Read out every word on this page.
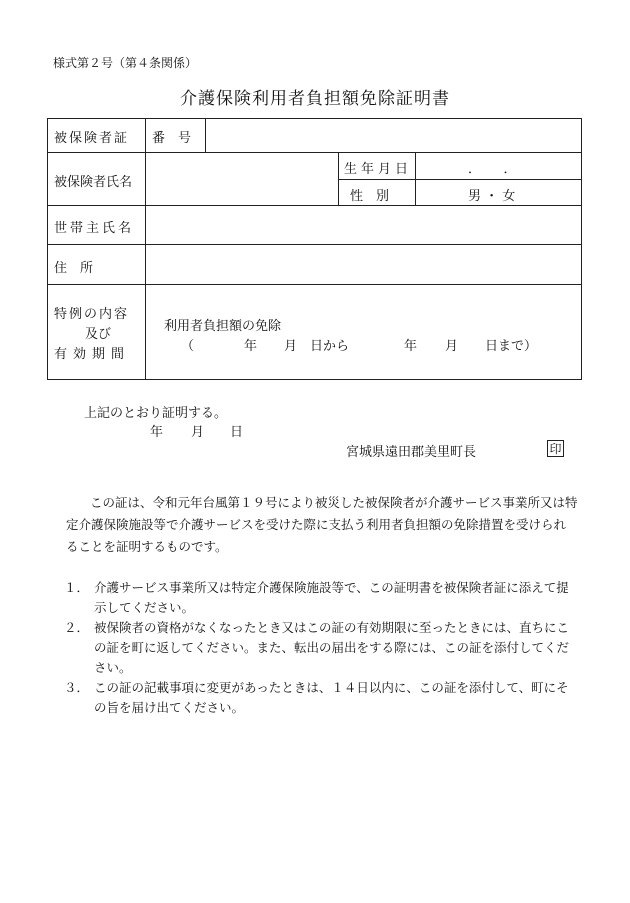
様式第２号（第４条関係）
介護保険利用者負担額免除証明書
被保険者証 番　号
被保険者氏名
生年月日	．　．
性　別	男 ・ 女
世帯主氏名
住　所
特例の内容
及び
有効期間
利用者負担額の免除
（	年 月 日から	年 月 日まで）
上記のとおり証明する。
年 月 日
宮城県遠田郡美里町長	印
この証は、令和元年台風第１９号により被災した被保険者が介護サービス事業所又は特定介護保険施設等で介護サービスを受けた際に支払う利用者負担額の免除措置を受けられることを証明するものです。
１． 介護サービス事業所又は特定介護保険施設等で、この証明書を被保険者証に添えて提示してください。
２． 被保険者の資格がなくなったとき又はこの証の有効期限に至ったときには、直ちにこの証を町に返してください。また、転出の届出をする際には、この証を添付してください。
３． この証の記載事項に変更があったときは、１４日以内に、この証を添付して、町にその旨を届け出てください。
